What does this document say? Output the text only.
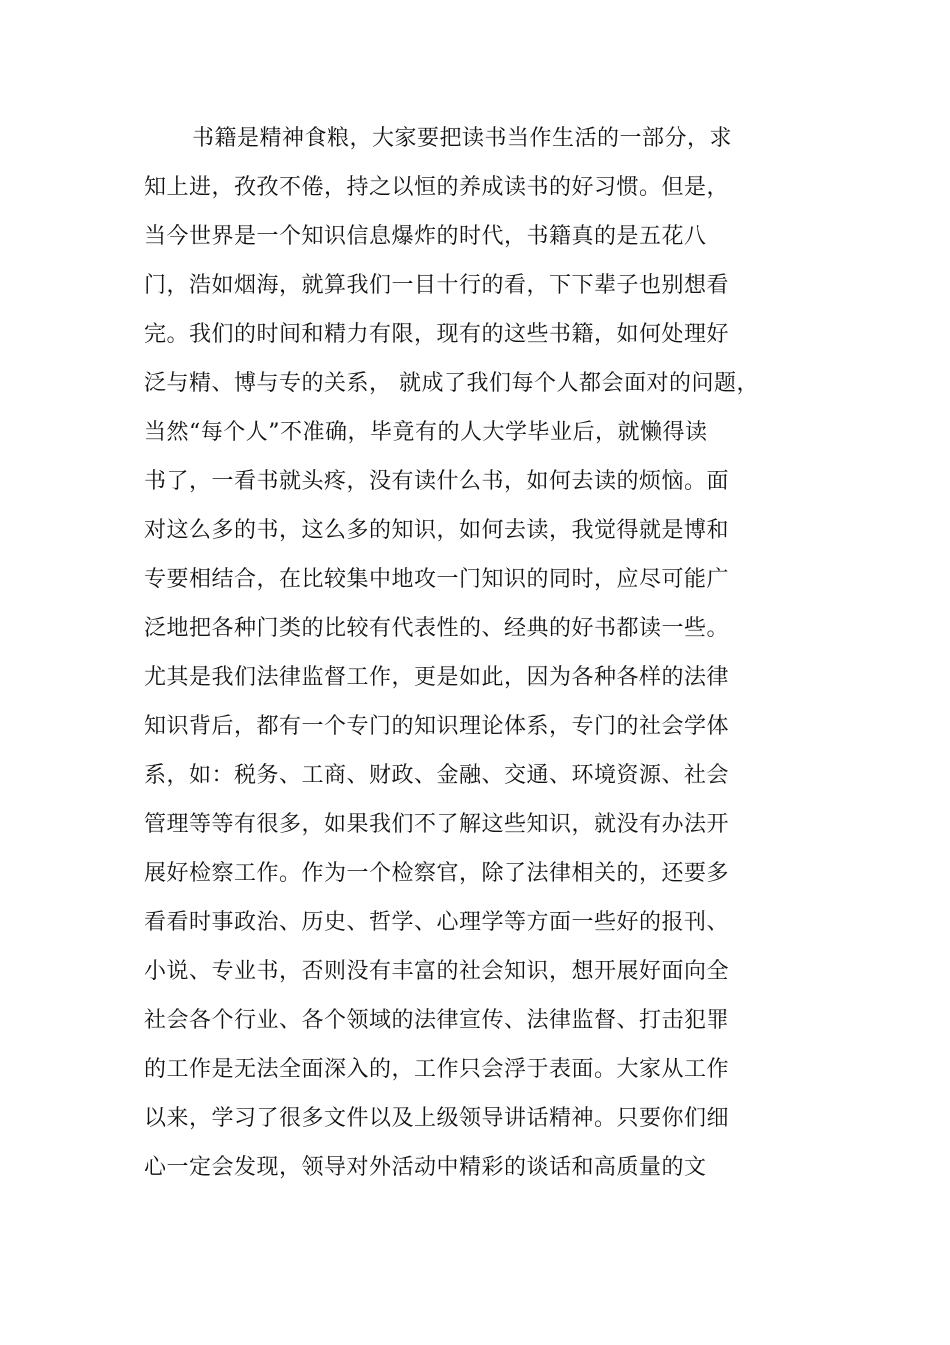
书籍是精神食粮，大家要把读书当作生活的一部分，求
知上进，孜孜不倦，持之以恒的养成读书的好习惯。但是，
当今世界是一个知识信息爆炸的时代，书籍真的是五花八
门，浩如烟海，就算我们一目十行的看，下下辈子也别想看
完。我们的时间和精力有限，现有的这些书籍，如何处理好
泛与精、博与专的关系， 就成了我们每个人都会面对的问题，
当然“每个人”不准确，毕竟有的人大学毕业后，就懒得读
书了，一看书就头疼，没有读什么书，如何去读的烦恼。面
对这么多的书，这么多的知识，如何去读，我觉得就是博和
专要相结合，在比较集中地攻一门知识的同时，应尽可能广
泛地把各种门类的比较有代表性的、经典的好书都读一些。
尤其是我们法律监督工作，更是如此，因为各种各样的法律
知识背后，都有一个专门的知识理论体系，专门的社会学体
系，如：税务、工商、财政、金融、交通、环境资源、社会
管理等等有很多，如果我们不了解这些知识，就没有办法开
展好检察工作。作为一个检察官，除了法律相关的，还要多
看看时事政治、历史、哲学、心理学等方面一些好的报刊、
小说、专业书，否则没有丰富的社会知识，想开展好面向全
社会各个行业、各个领域的法律宣传、法律监督、打击犯罪
的工作是无法全面深入的，工作只会浮于表面。大家从工作
以来，学习了很多文件以及上级领导讲话精神。只要你们细
心一定会发现，领导对外活动中精彩的谈话和高质量的文
